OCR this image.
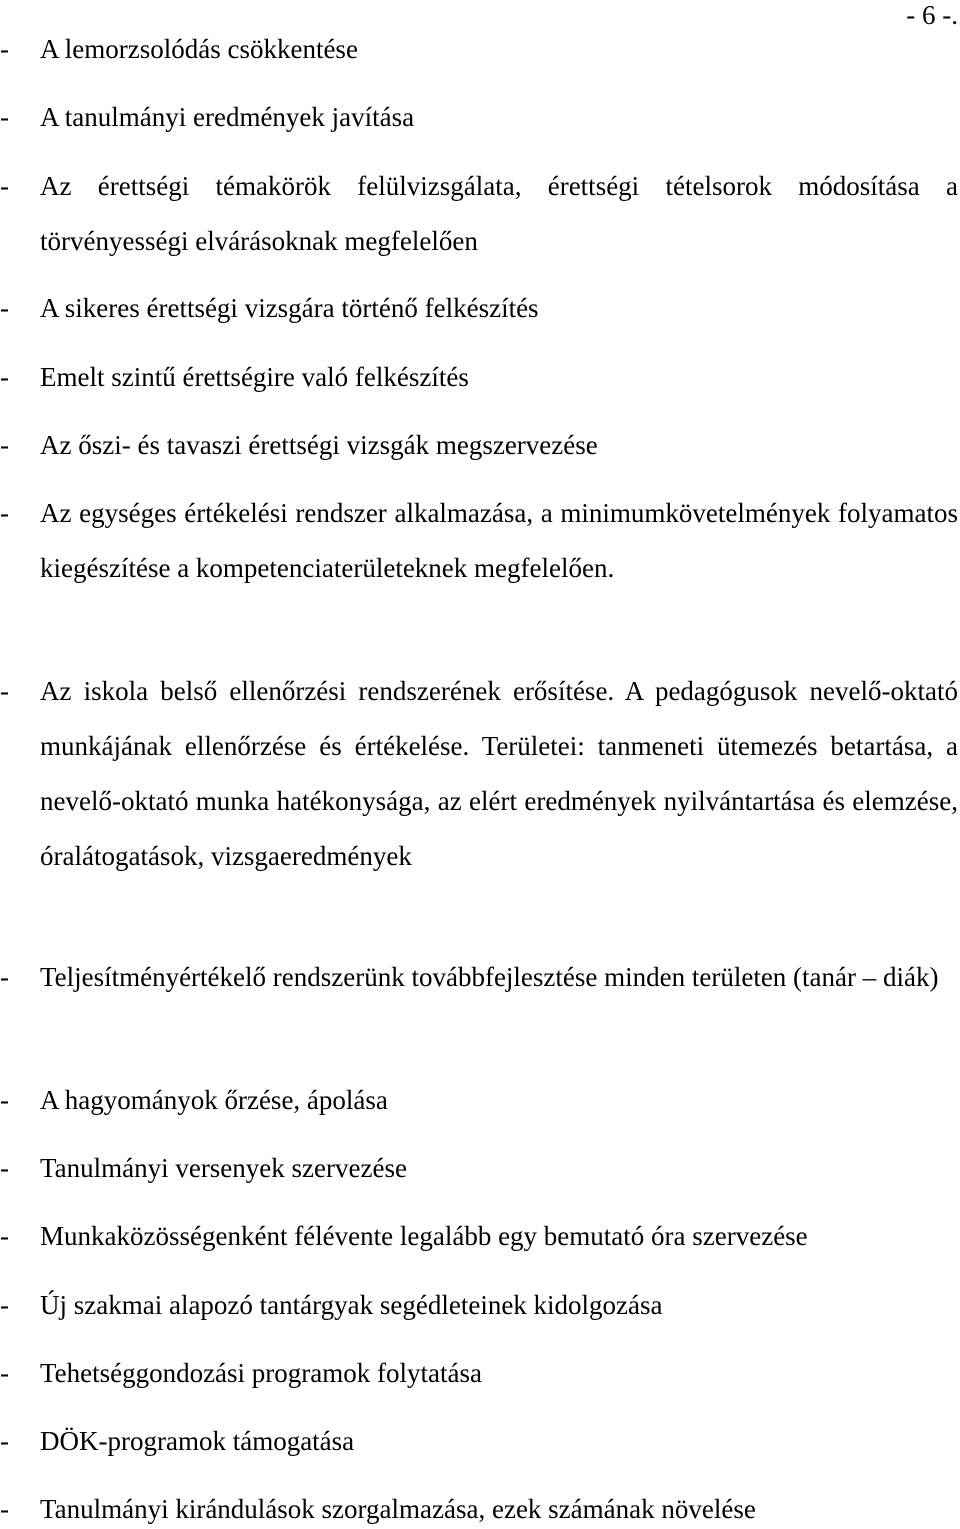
- 6 -.
- A lemorzsolódás csökkentése
- A tanulmányi eredmények javítása
- Az érettségi témakörök felülvizsgálata, érettségi tételsorok módosítása a törvényességi elvárásoknak megfelelően
- A sikeres érettségi vizsgára történő felkészítés
- Emelt szintű érettségire való felkészítés
- Az őszi- és tavaszi érettségi vizsgák megszervezése
- Az egységes értékelési rendszer alkalmazása, a minimumkövetelmények folyamatos kiegészítése a kompetenciaterületeknek megfelelően.
- Az iskola belső ellenőrzési rendszerének erősítése. A pedagógusok nevelő-oktató munkájának ellenőrzése és értékelése. Területei: tanmeneti ütemezés betartása, a nevelő-oktató munka hatékonysága, az elért eredmények nyilvántartása és elemzése, óralátogatások, vizsgaeredmények
- Teljesítményértékelő rendszerünk továbbfejlesztése minden területen (tanár – diák)
- A hagyományok őrzése, ápolása
- Tanulmányi versenyek szervezése
- Munkaközösségenként félévente legalább egy bemutató óra szervezése
- Új szakmai alapozó tantárgyak segédleteinek kidolgozása
- Tehetséggondozási programok folytatása
- DÖK-programok támogatása
- Tanulmányi kirándulások szorgalmazása, ezek számának növelése
